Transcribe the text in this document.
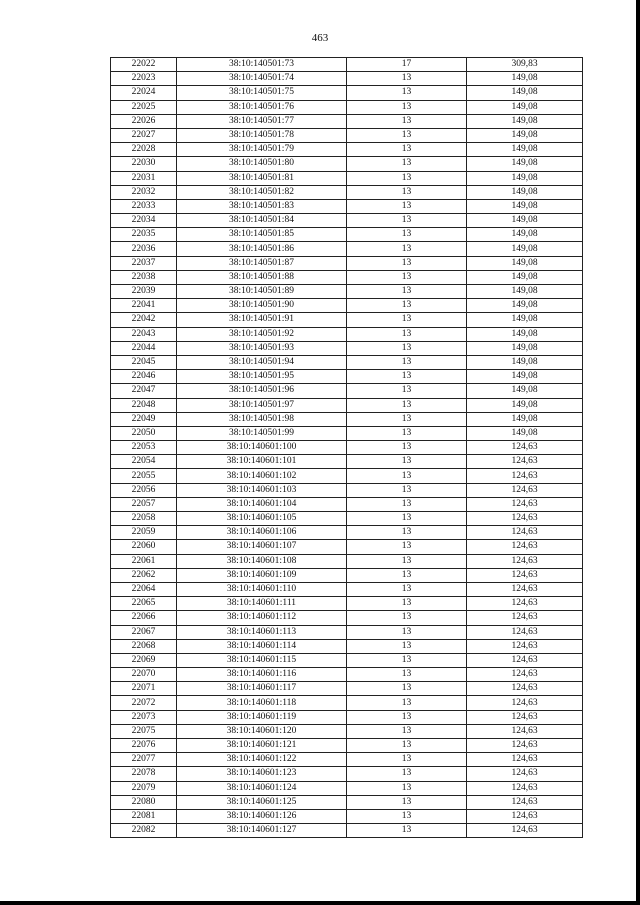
463
22022	38:10:140501:73	17	309,83
22023	38:10:140501:74	13	149,08
22024	38:10:140501:75	13	149,08
22025	38:10:140501:76	13	149,08
22026	38:10:140501:77	13	149,08
22027	38:10:140501:78	13	149,08
22028	38:10:140501:79	13	149,08
22030	38:10:140501:80	13	149,08
22031	38:10:140501:81	13	149,08
22032	38:10:140501:82	13	149,08
22033	38:10:140501:83	13	149,08
22034	38:10:140501:84	13	149,08
22035	38:10:140501:85	13	149,08
22036	38:10:140501:86	13	149,08
22037	38:10:140501:87	13	149,08
22038	38:10:140501:88	13	149,08
22039	38:10:140501:89	13	149,08
22041	38:10:140501:90	13	149,08
22042	38:10:140501:91	13	149,08
22043	38:10:140501:92	13	149,08
22044	38:10:140501:93	13	149,08
22045	38:10:140501:94	13	149,08
22046	38:10:140501:95	13	149,08
22047	38:10:140501:96	13	149,08
22048	38:10:140501:97	13	149,08
22049	38:10:140501:98	13	149,08
22050	38:10:140501:99	13	149,08
22053	38:10:140601:100	13	124,63
22054	38:10:140601:101	13	124,63
22055	38:10:140601:102	13	124,63
22056	38:10:140601:103	13	124,63
22057	38:10:140601:104	13	124,63
22058	38:10:140601:105	13	124,63
22059	38:10:140601:106	13	124,63
22060	38:10:140601:107	13	124,63
22061	38:10:140601:108	13	124,63
22062	38:10:140601:109	13	124,63
22064	38:10:140601:110	13	124,63
22065	38:10:140601:111	13	124,63
22066	38:10:140601:112	13	124,63
22067	38:10:140601:113	13	124,63
22068	38:10:140601:114	13	124,63
22069	38:10:140601:115	13	124,63
22070	38:10:140601:116	13	124,63
22071	38:10:140601:117	13	124,63
22072	38:10:140601:118	13	124,63
22073	38:10:140601:119	13	124,63
22075	38:10:140601:120	13	124,63
22076	38:10:140601:121	13	124,63
22077	38:10:140601:122	13	124,63
22078	38:10:140601:123	13	124,63
22079	38:10:140601:124	13	124,63
22080	38:10:140601:125	13	124,63
22081	38:10:140601:126	13	124,63
22082	38:10:140601:127	13	124,63
